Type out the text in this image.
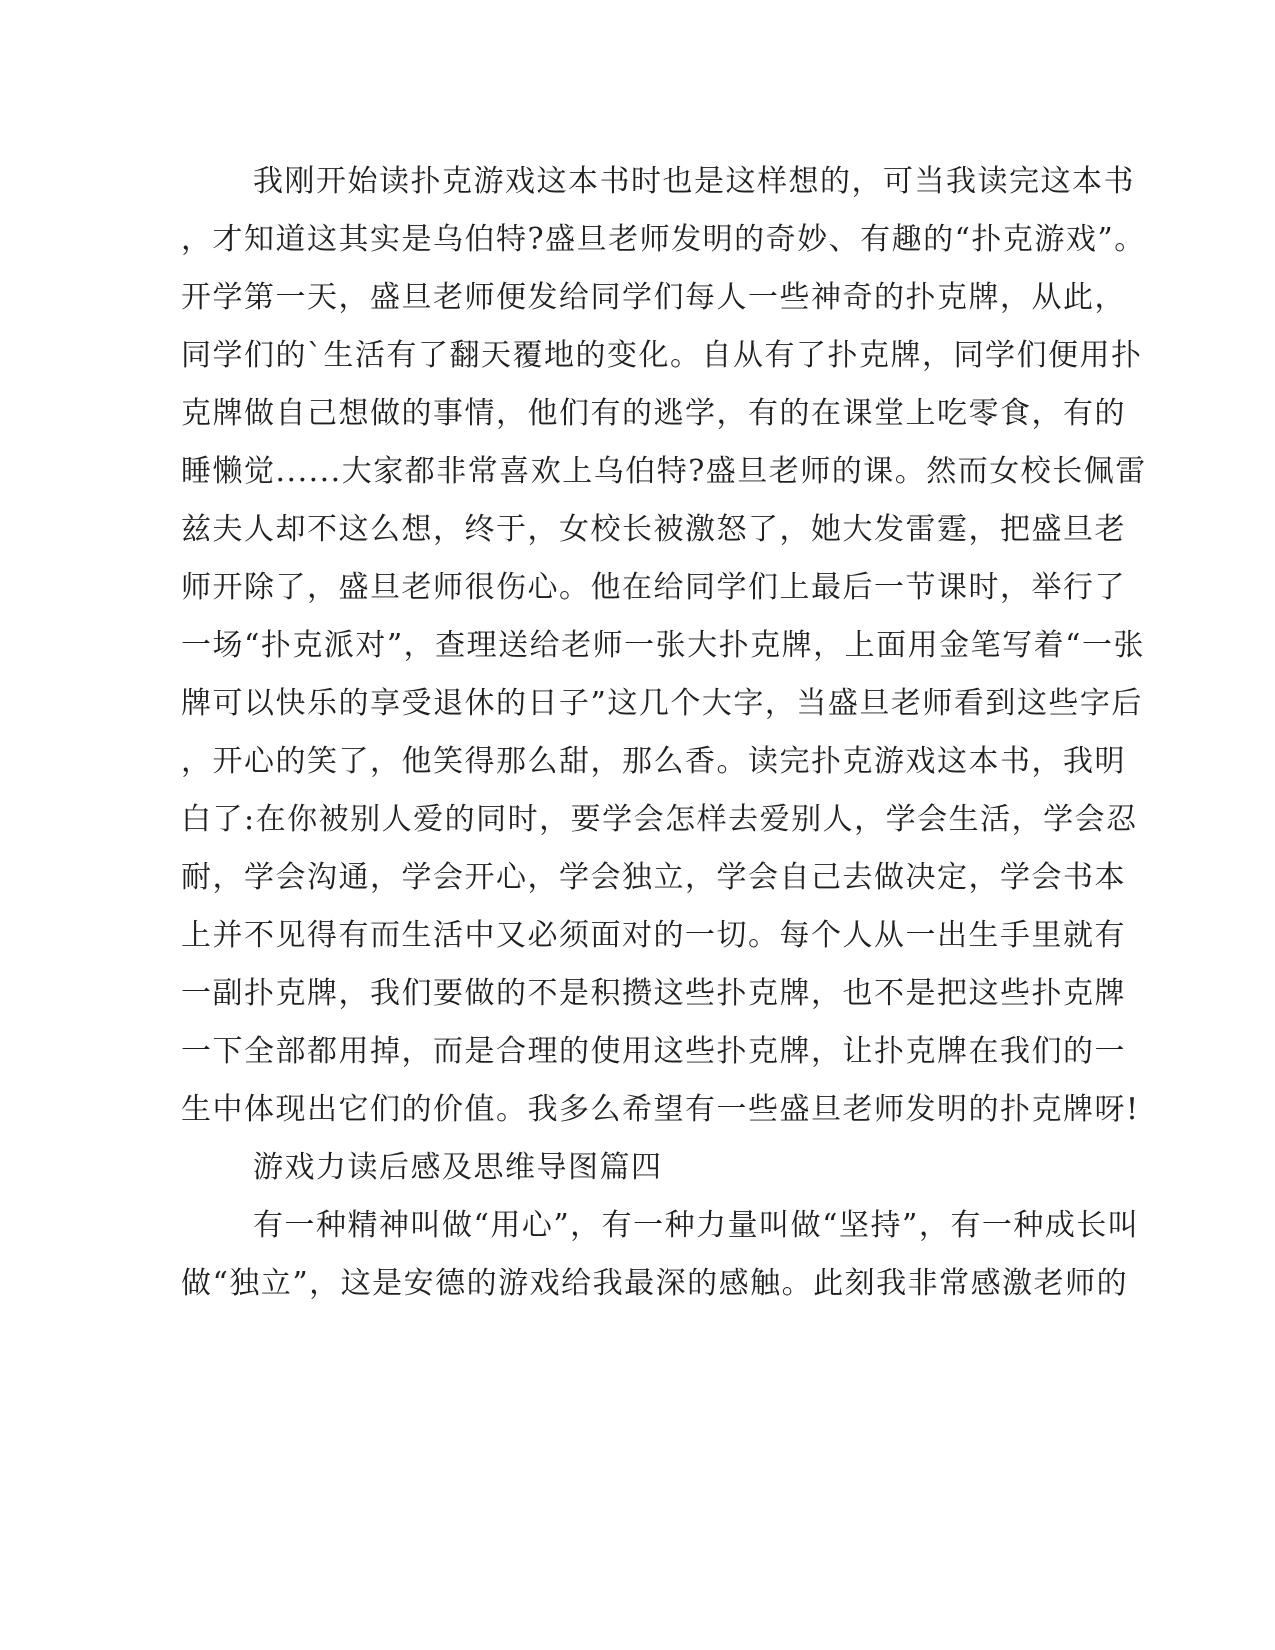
我刚开始读扑克游戏这本书时也是这样想的，可当我读完这本书
，才知道这其实是乌伯特?盛旦老师发明的奇妙、有趣的“扑克游戏”。
开学第一天，盛旦老师便发给同学们每人一些神奇的扑克牌，从此，
同学们的`生活有了翻天覆地的变化。自从有了扑克牌，同学们便用扑
克牌做自己想做的事情，他们有的逃学，有的在课堂上吃零食，有的
睡懒觉......大家都非常喜欢上乌伯特?盛旦老师的课。然而女校长佩雷
兹夫人却不这么想，终于，女校长被激怒了，她大发雷霆，把盛旦老
师开除了，盛旦老师很伤心。他在给同学们上最后一节课时，举行了
一场“扑克派对”，查理送给老师一张大扑克牌，上面用金笔写着“一张
牌可以快乐的享受退休的日子”这几个大字，当盛旦老师看到这些字后
，开心的笑了，他笑得那么甜，那么香。读完扑克游戏这本书，我明
白了:在你被别人爱的同时，要学会怎样去爱别人，学会生活，学会忍
耐，学会沟通，学会开心，学会独立，学会自己去做决定，学会书本
上并不见得有而生活中又必须面对的一切。每个人从一出生手里就有
一副扑克牌，我们要做的不是积攒这些扑克牌，也不是把这些扑克牌
一下全部都用掉，而是合理的使用这些扑克牌，让扑克牌在我们的一
生中体现出它们的价值。我多么希望有一些盛旦老师发明的扑克牌呀!
游戏力读后感及思维导图篇四
有一种精神叫做“用心”，有一种力量叫做“坚持”，有一种成长叫
做“独立”，这是安德的游戏给我最深的感触。此刻我非常感激老师的
